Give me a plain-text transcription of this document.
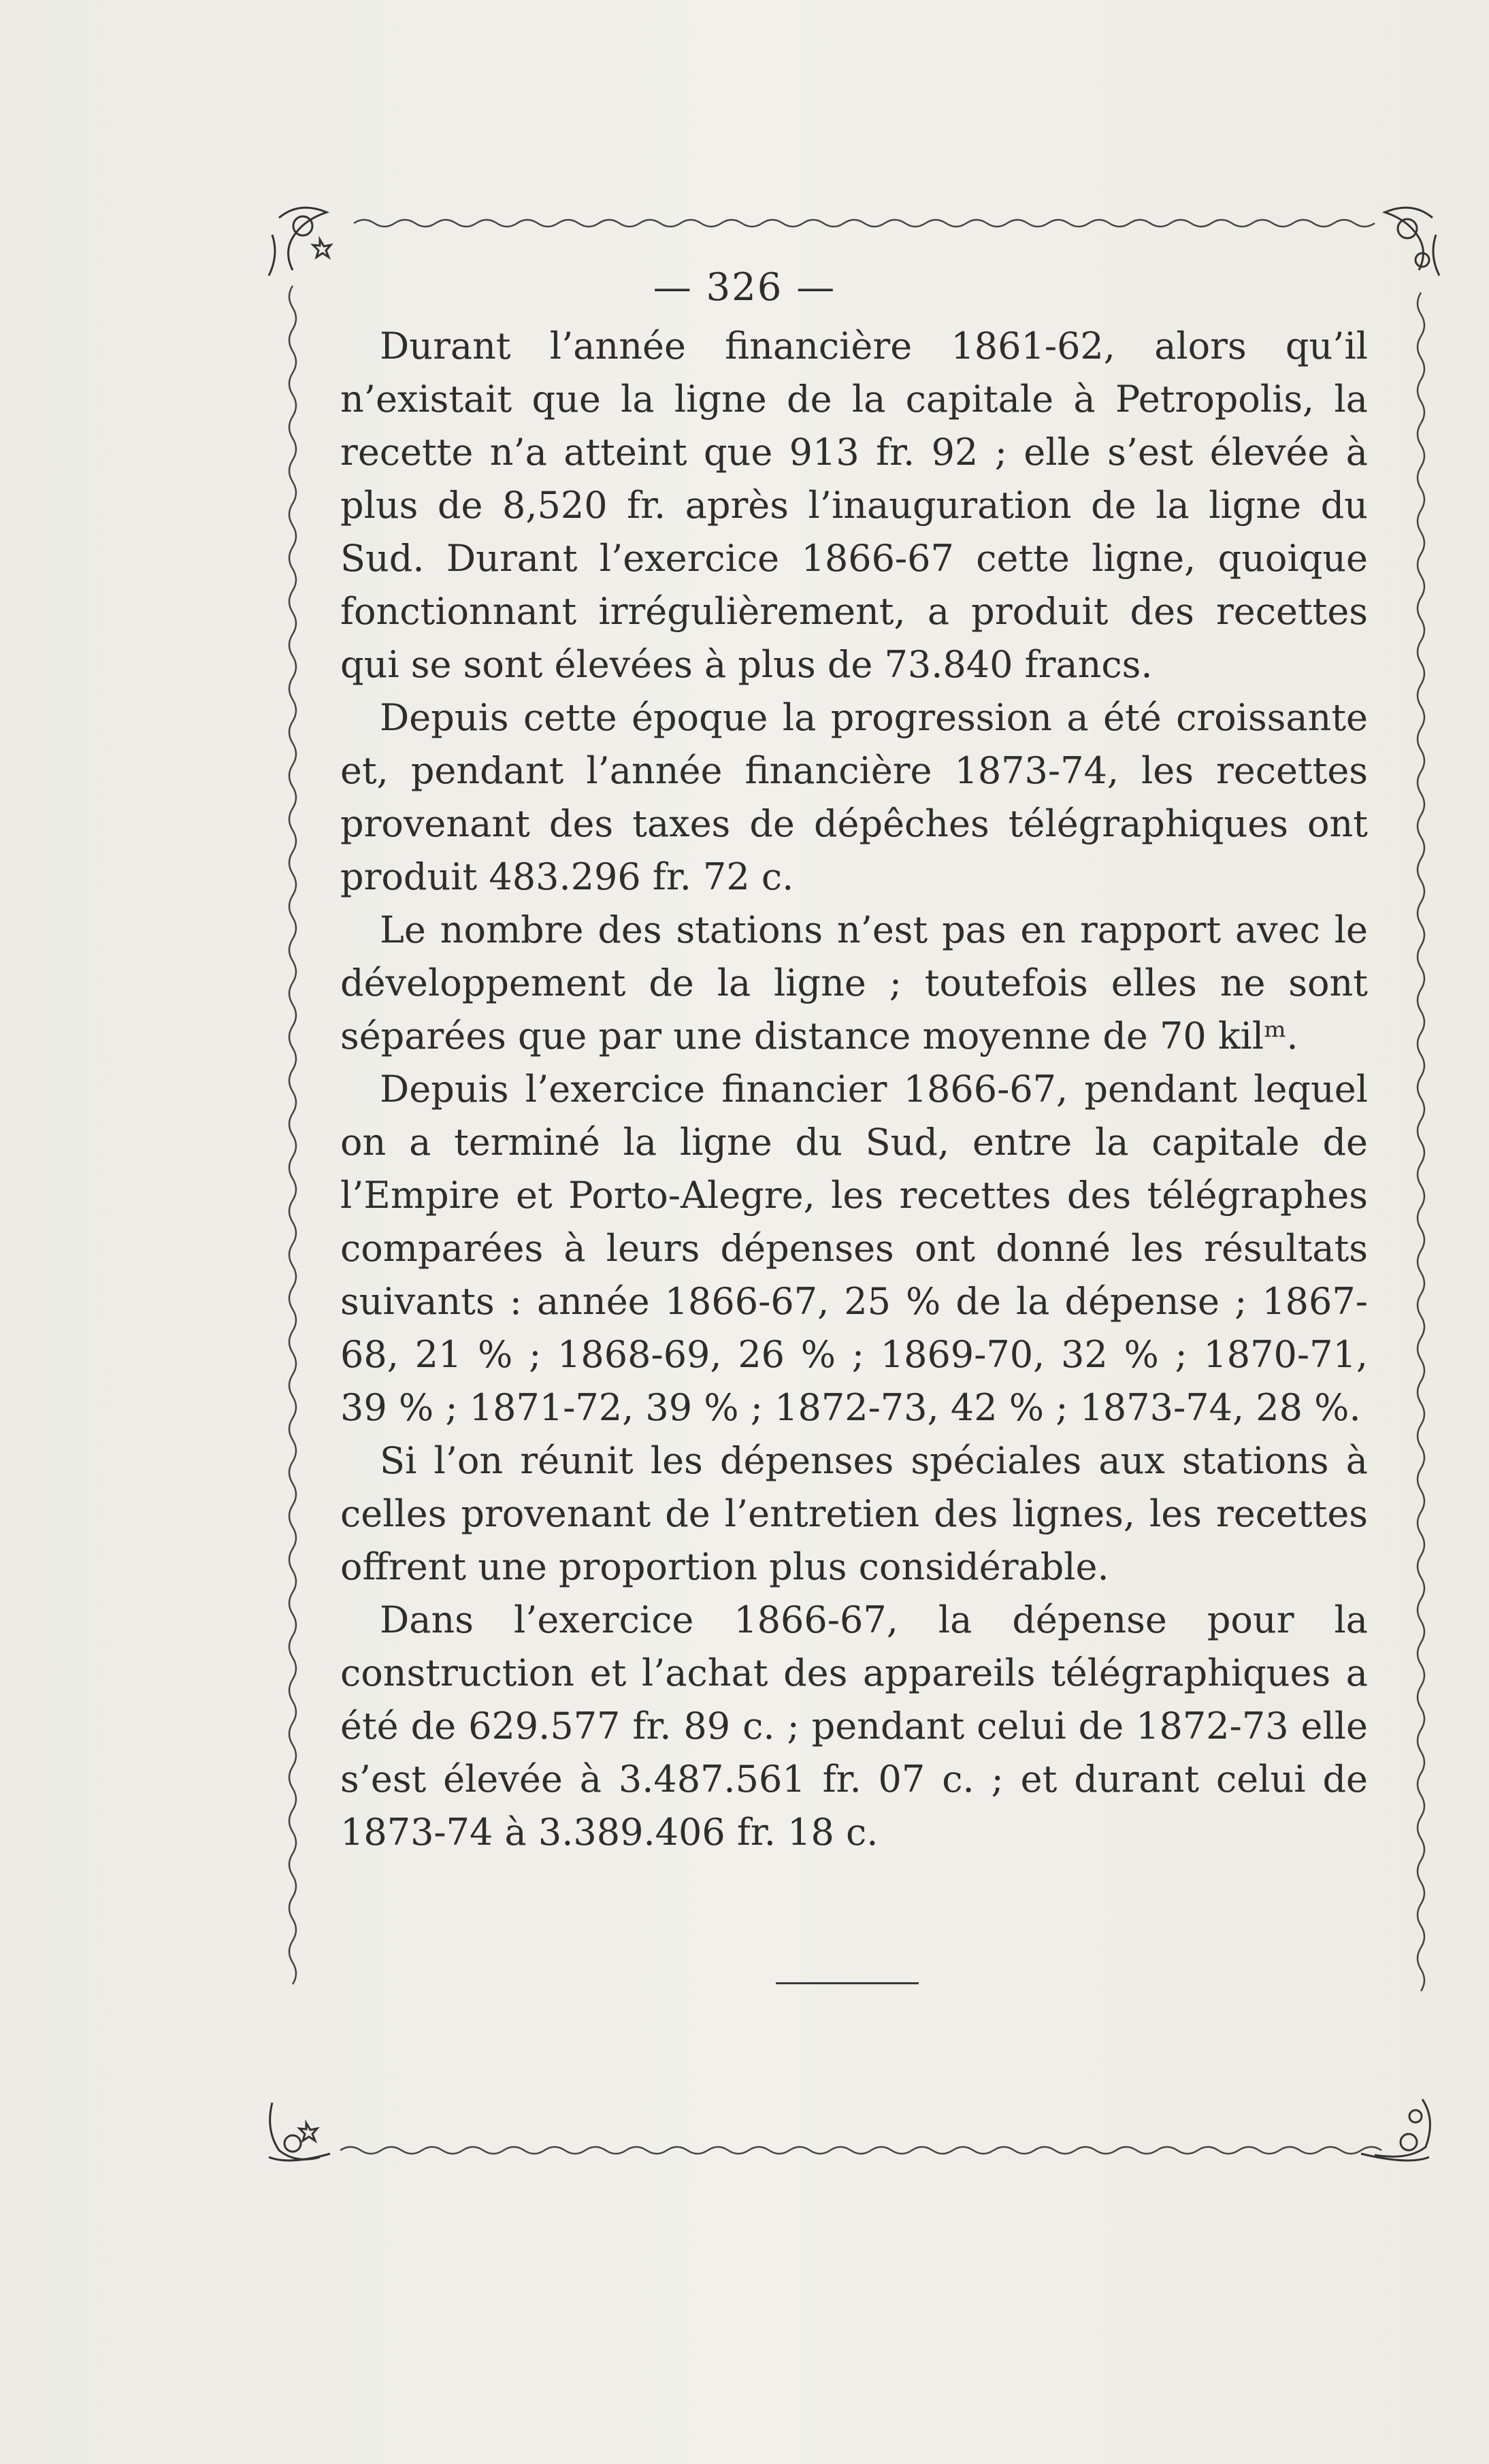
— 326 —

Durant l’année financière 1861-62, alors qu’il n’existait que la ligne de la capitale à Petropolis, la recette n’a atteint que 913 fr. 92 ; elle s’est élevée à plus de 8,520 fr. après l’inauguration de la ligne du Sud. Durant l’exercice 1866-67 cette ligne, quoique fonctionnant irrégulièrement, a produit des recettes qui se sont élevées à plus de 73.840 francs.

Depuis cette époque la progression a été croissante et, pendant l’année financière 1873-74, les recettes provenant des taxes de dépêches télégraphiques ont produit 483.296 fr. 72 c.

Le nombre des stations n’est pas en rapport avec le développement de la ligne ; toutefois elles ne sont séparées que par une distance moyenne de 70 kilᵐ.

Depuis l’exercice financier 1866-67, pendant lequel on a terminé la ligne du Sud, entre la capitale de l’Empire et Porto-Alegre, les recettes des télégraphes comparées à leurs dépenses ont donné les résultats suivants : année 1866-67, 25 % de la dépense ; 1867-68, 21 % ; 1868-69, 26 % ; 1869-70, 32 % ; 1870-71, 39 % ; 1871-72, 39 % ; 1872-73, 42 % ; 1873-74, 28 %.

Si l’on réunit les dépenses spéciales aux stations à celles provenant de l’entretien des lignes, les recettes offrent une proportion plus considérable.

Dans l’exercice 1866-67, la dépense pour la construction et l’achat des appareils télégraphiques a été de 629.577 fr. 89 c. ; pendant celui de 1872-73 elle s’est élevée à 3.487.561 fr. 07 c. ; et durant celui de 1873-74 à 3.389.406 fr. 18 c.
